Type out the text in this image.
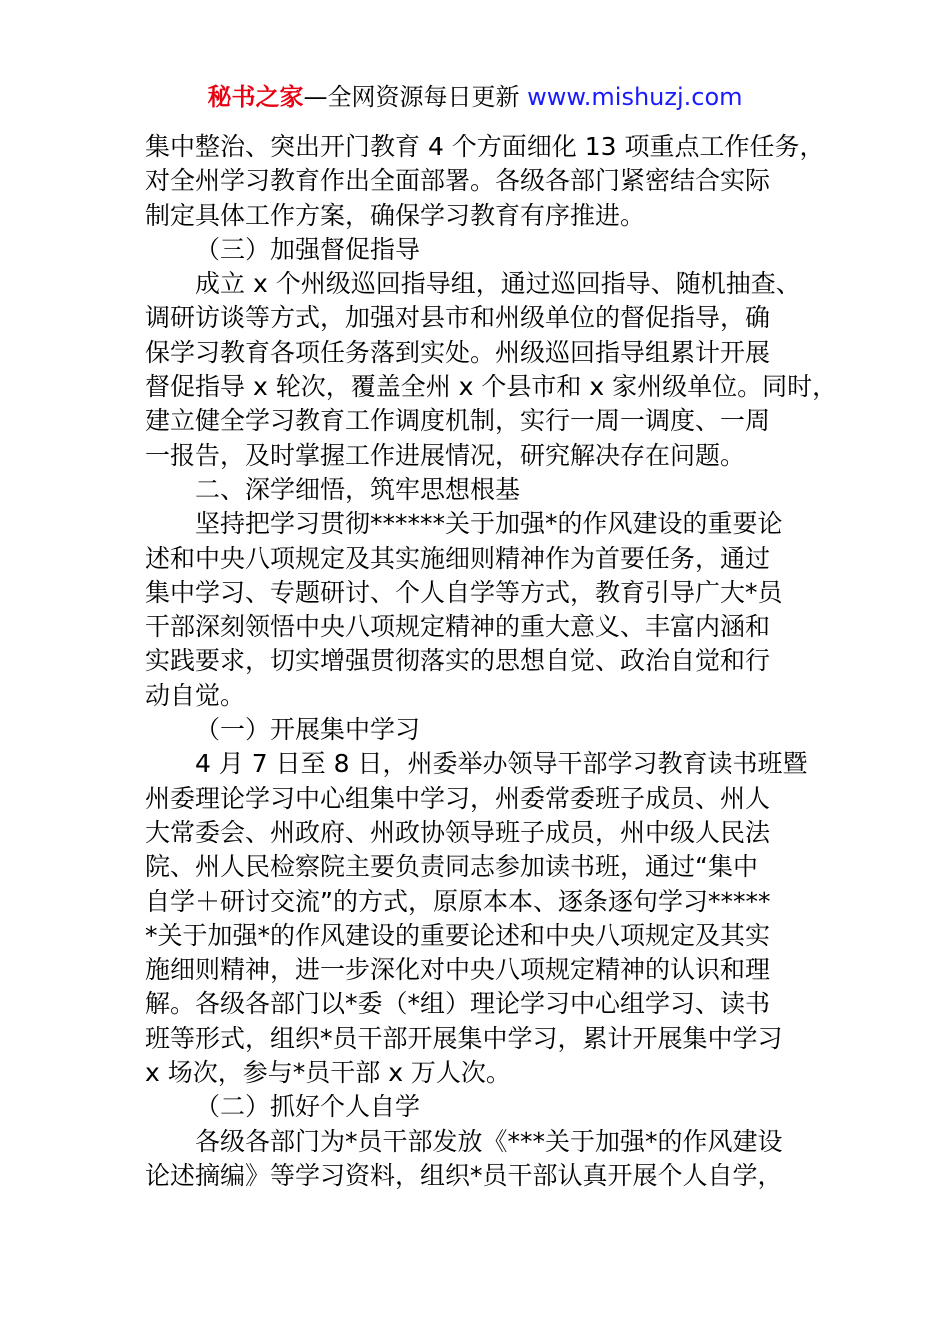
秘书之家—全网资源每日更新 www.mishuzj.com
集中整治、突出开门教育 4 个方面细化 13 项重点工作任务，
对全州学习教育作出全面部署。各级各部门紧密结合实际
制定具体工作方案，确保学习教育有序推进。
（三）加强督促指导
成立 x 个州级巡回指导组，通过巡回指导、随机抽查、
调研访谈等方式，加强对县市和州级单位的督促指导，确
保学习教育各项任务落到实处。州级巡回指导组累计开展
督促指导 x 轮次，覆盖全州 x 个县市和 x 家州级单位。同时，
建立健全学习教育工作调度机制，实行一周一调度、一周
一报告，及时掌握工作进展情况，研究解决存在问题。
二、深学细悟，筑牢思想根基
坚持把学习贯彻******关于加强*的作风建设的重要论
述和中央八项规定及其实施细则精神作为首要任务，通过
集中学习、专题研讨、个人自学等方式，教育引导广大*员
干部深刻领悟中央八项规定精神的重大意义、丰富内涵和
实践要求，切实增强贯彻落实的思想自觉、政治自觉和行
动自觉。
（一）开展集中学习
4 月 7 日至 8 日，州委举办领导干部学习教育读书班暨
州委理论学习中心组集中学习，州委常委班子成员、州人
大常委会、州政府、州政协领导班子成员，州中级人民法
院、州人民检察院主要负责同志参加读书班，通过“集中
自学＋研讨交流”的方式，原原本本、逐条逐句学习*****
*关于加强*的作风建设的重要论述和中央八项规定及其实
施细则精神，进一步深化对中央八项规定精神的认识和理
解。各级各部门以*委（*组）理论学习中心组学习、读书
班等形式，组织*员干部开展集中学习，累计开展集中学习
x 场次，参与*员干部 x 万人次。
（二）抓好个人自学
各级各部门为*员干部发放《***关于加强*的作风建设
论述摘编》等学习资料，组织*员干部认真开展个人自学，
